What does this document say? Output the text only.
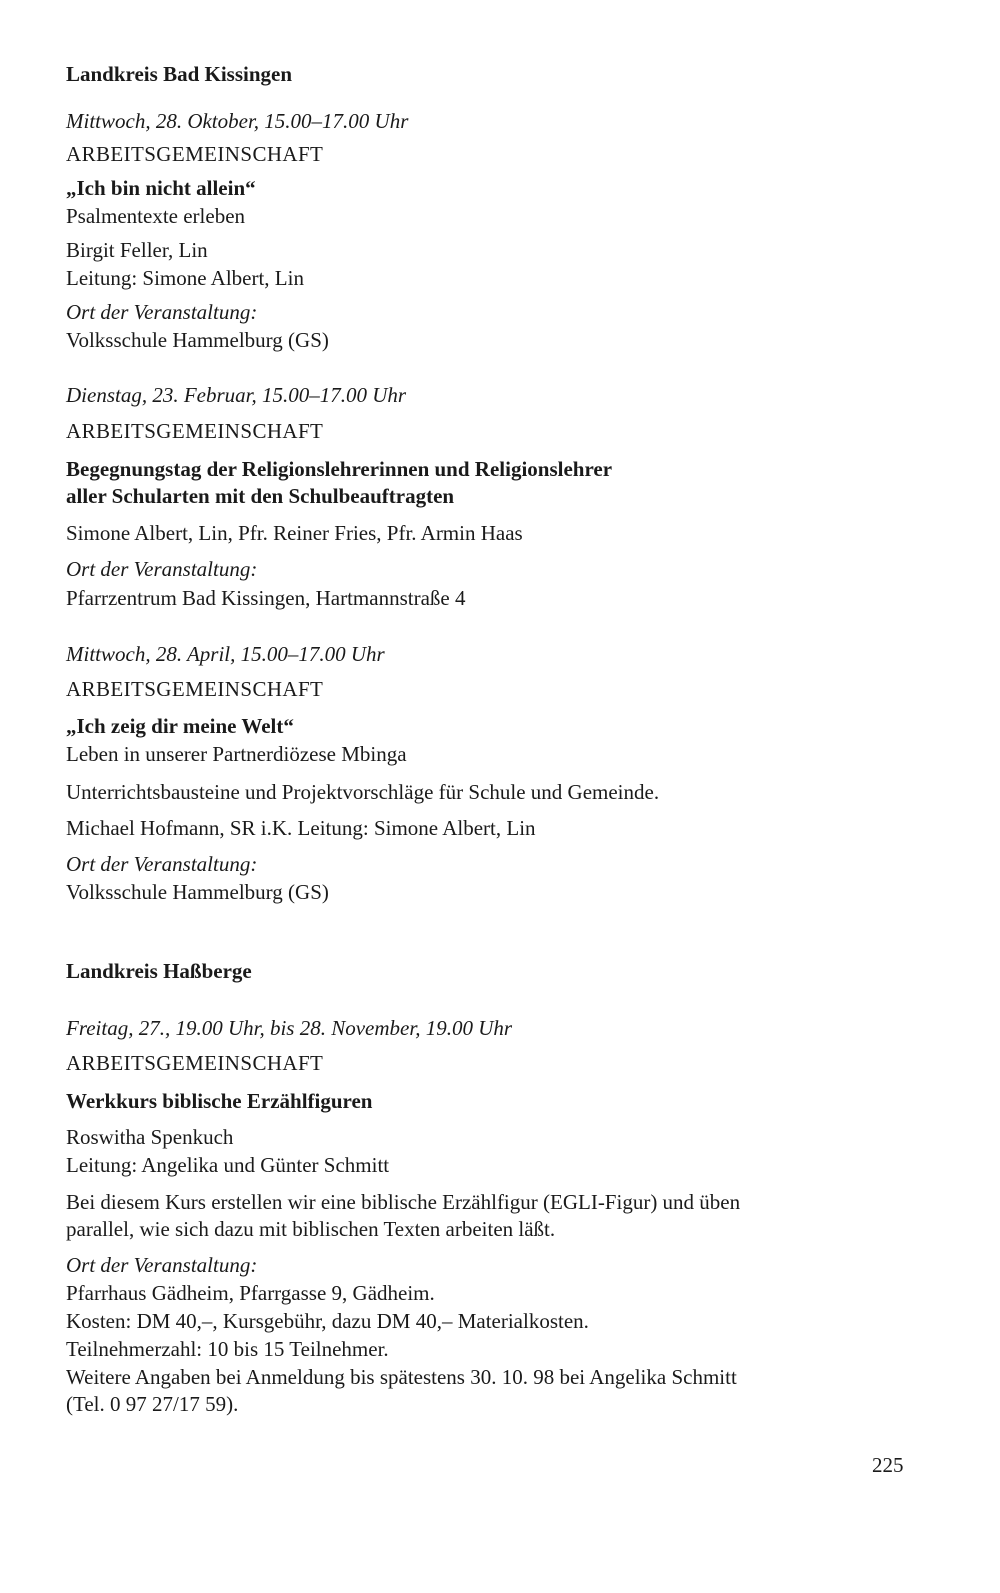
Landkreis Bad Kissingen
Mittwoch, 28. Oktober, 15.00–17.00 Uhr
ARBEITSGEMEINSCHAFT
„Ich bin nicht allein“
Psalmentexte erleben
Birgit Feller, Lin
Leitung: Simone Albert, Lin
Ort der Veranstaltung:
Volksschule Hammelburg (GS)
Dienstag, 23. Februar, 15.00–17.00 Uhr
ARBEITSGEMEINSCHAFT
Begegnungstag der Religionslehrerinnen und Religionslehrer
aller Schularten mit den Schulbeauftragten
Simone Albert, Lin, Pfr. Reiner Fries, Pfr. Armin Haas
Ort der Veranstaltung:
Pfarrzentrum Bad Kissingen, Hartmannstraße 4
Mittwoch, 28. April, 15.00–17.00 Uhr
ARBEITSGEMEINSCHAFT
„Ich zeig dir meine Welt“
Leben in unserer Partnerdiözese Mbinga
Unterrichtsbausteine und Projektvorschläge für Schule und Gemeinde.
Michael Hofmann, SR i.K. Leitung: Simone Albert, Lin
Ort der Veranstaltung:
Volksschule Hammelburg (GS)
Landkreis Haßberge
Freitag, 27., 19.00 Uhr, bis 28. November, 19.00 Uhr
ARBEITSGEMEINSCHAFT
Werkkurs biblische Erzählfiguren
Roswitha Spenkuch
Leitung: Angelika und Günter Schmitt
Bei diesem Kurs erstellen wir eine biblische Erzählfigur (EGLI-Figur) und üben
parallel, wie sich dazu mit biblischen Texten arbeiten läßt.
Ort der Veranstaltung:
Pfarrhaus Gädheim, Pfarrgasse 9, Gädheim.
Kosten: DM 40,–, Kursgebühr, dazu DM 40,– Materialkosten.
Teilnehmerzahl: 10 bis 15 Teilnehmer.
Weitere Angaben bei Anmeldung bis spätestens 30. 10. 98 bei Angelika Schmitt
(Tel. 0 97 27/17 59).
225
